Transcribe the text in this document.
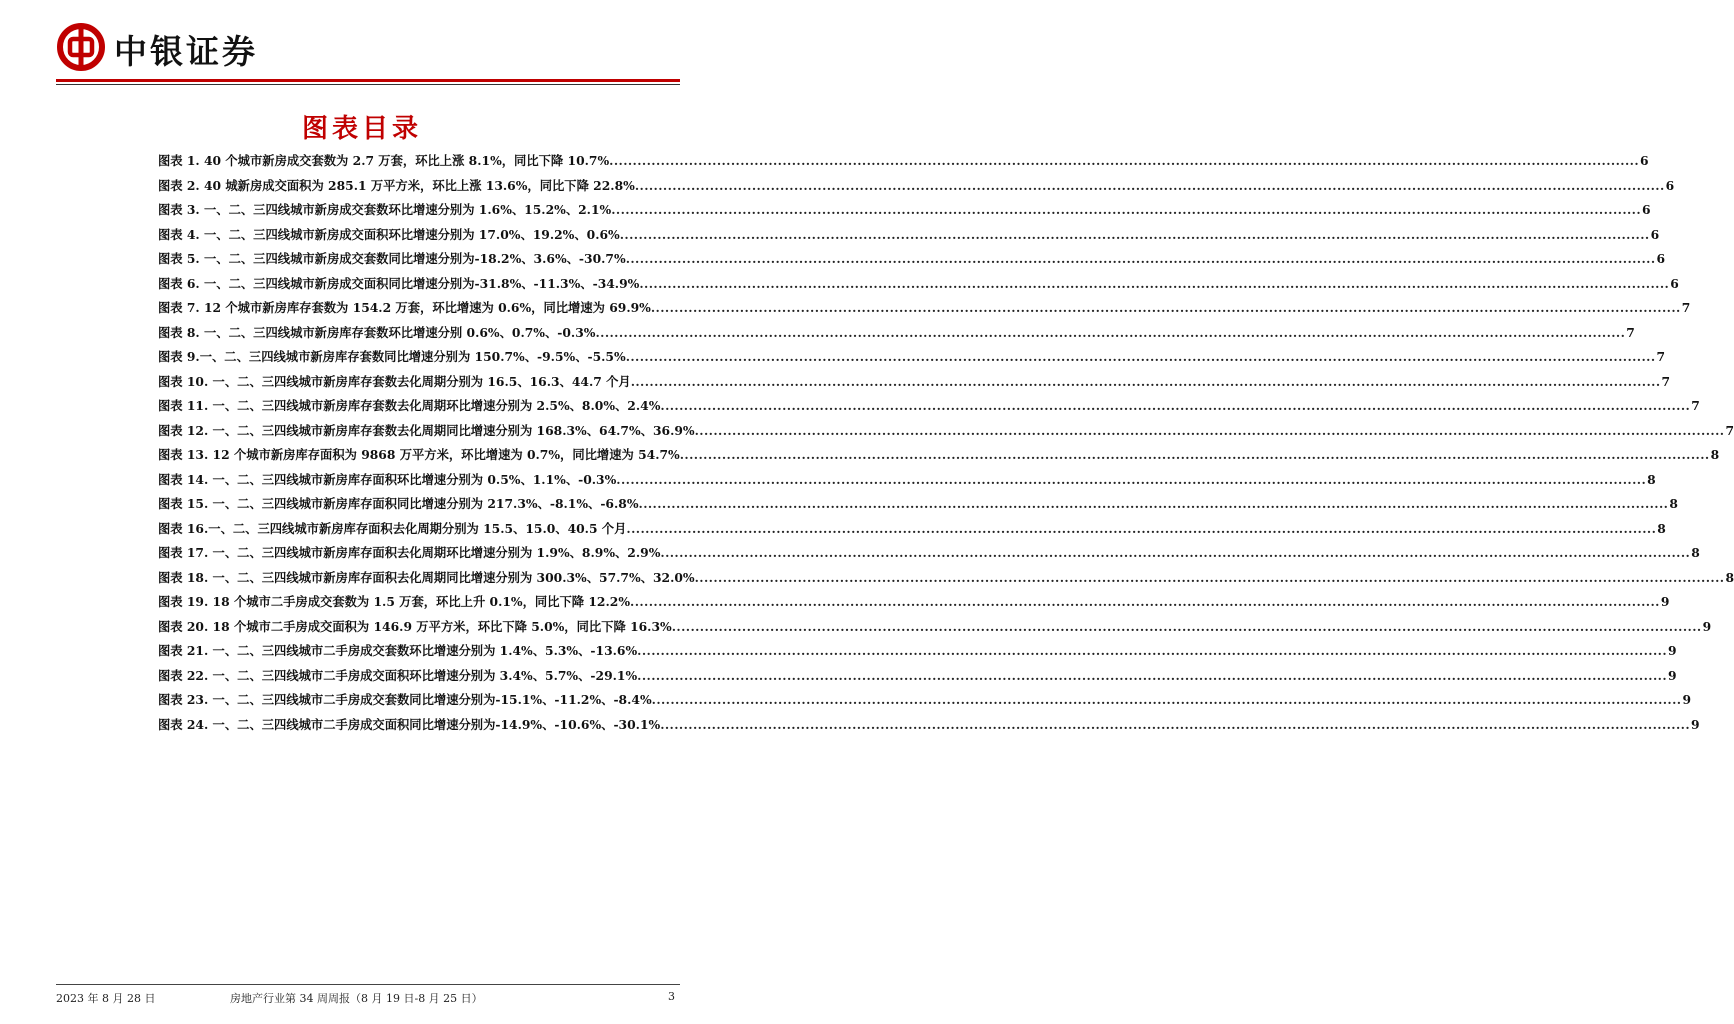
中银证券
图表目录
图表 1. 40 个城市新房成交套数为 2.7 万套，环比上涨 8.1%，同比下降 10.7% ............................................................................................................................................................................................................................ 6
图表 2. 40 城新房成交面积为 285.1 万平方米，环比上涨 13.6%，同比下降 22.8% ............................................................................................................................................................................................................................ 6
图表 3. 一、二、三四线城市新房成交套数环比增速分别为 1.6%、15.2%、2.1% ............................................................................................................................................................................................................................ 6
图表 4. 一、二、三四线城市新房成交面积环比增速分别为 17.0%、19.2%、0.6% ............................................................................................................................................................................................................................ 6
图表 5. 一、二、三四线城市新房成交套数同比增速分别为-18.2%、3.6%、-30.7% ............................................................................................................................................................................................................................ 6
图表 6. 一、二、三四线城市新房成交面积同比增速分别为-31.8%、-11.3%、-34.9% ............................................................................................................................................................................................................................ 6
图表 7. 12 个城市新房库存套数为 154.2 万套，环比增速为 0.6%，同比增速为 69.9% ............................................................................................................................................................................................................................ 7
图表 8. 一、二、三四线城市新房库存套数环比增速分别 0.6%、0.7%、-0.3% ............................................................................................................................................................................................................................ 7
图表 9.一、二、三四线城市新房库存套数同比增速分别为 150.7%、-9.5%、-5.5% ............................................................................................................................................................................................................................ 7
图表 10. 一、二、三四线城市新房库存套数去化周期分别为 16.5、16.3、44.7 个月 ............................................................................................................................................................................................................................ 7
图表 11. 一、二、三四线城市新房库存套数去化周期环比增速分别为 2.5%、8.0%、2.4% ............................................................................................................................................................................................................................ 7
图表 12. 一、二、三四线城市新房库存套数去化周期同比增速分别为 168.3%、64.7%、36.9% ............................................................................................................................................................................................................................ 7
图表 13. 12 个城市新房库存面积为 9868 万平方米，环比增速为 0.7%，同比增速为 54.7% ............................................................................................................................................................................................................................ 8
图表 14. 一、二、三四线城市新房库存面积环比增速分别为 0.5%、1.1%、-0.3% ............................................................................................................................................................................................................................ 8
图表 15. 一、二、三四线城市新房库存面积同比增速分别为 217.3%、-8.1%、-6.8% ............................................................................................................................................................................................................................ 8
图表 16.一、二、三四线城市新房库存面积去化周期分别为 15.5、15.0、40.5 个月 ............................................................................................................................................................................................................................ 8
图表 17. 一、二、三四线城市新房库存面积去化周期环比增速分别为 1.9%、8.9%、2.9% ............................................................................................................................................................................................................................ 8
图表 18. 一、二、三四线城市新房库存面积去化周期同比增速分别为 300.3%、57.7%、32.0% ............................................................................................................................................................................................................................ 8
图表 19. 18 个城市二手房成交套数为 1.5 万套，环比上升 0.1%，同比下降 12.2% ............................................................................................................................................................................................................................ 9
图表 20. 18 个城市二手房成交面积为 146.9 万平方米，环比下降 5.0%，同比下降 16.3% ............................................................................................................................................................................................................................ 9
图表 21. 一、二、三四线城市二手房成交套数环比增速分别为 1.4%、5.3%、-13.6% ............................................................................................................................................................................................................................ 9
图表 22. 一、二、三四线城市二手房成交面积环比增速分别为 3.4%、5.7%、-29.1% ............................................................................................................................................................................................................................ 9
图表 23. 一、二、三四线城市二手房成交套数同比增速分别为-15.1%、-11.2%、-8.4% ............................................................................................................................................................................................................................ 9
图表 24. 一、二、三四线城市二手房成交面积同比增速分别为-14.9%、-10.6%、-30.1% ............................................................................................................................................................................................................................ 9
2023 年 8 月 28 日	房地产行业第 34 周周报（8 月 19 日-8 月 25 日）	3
